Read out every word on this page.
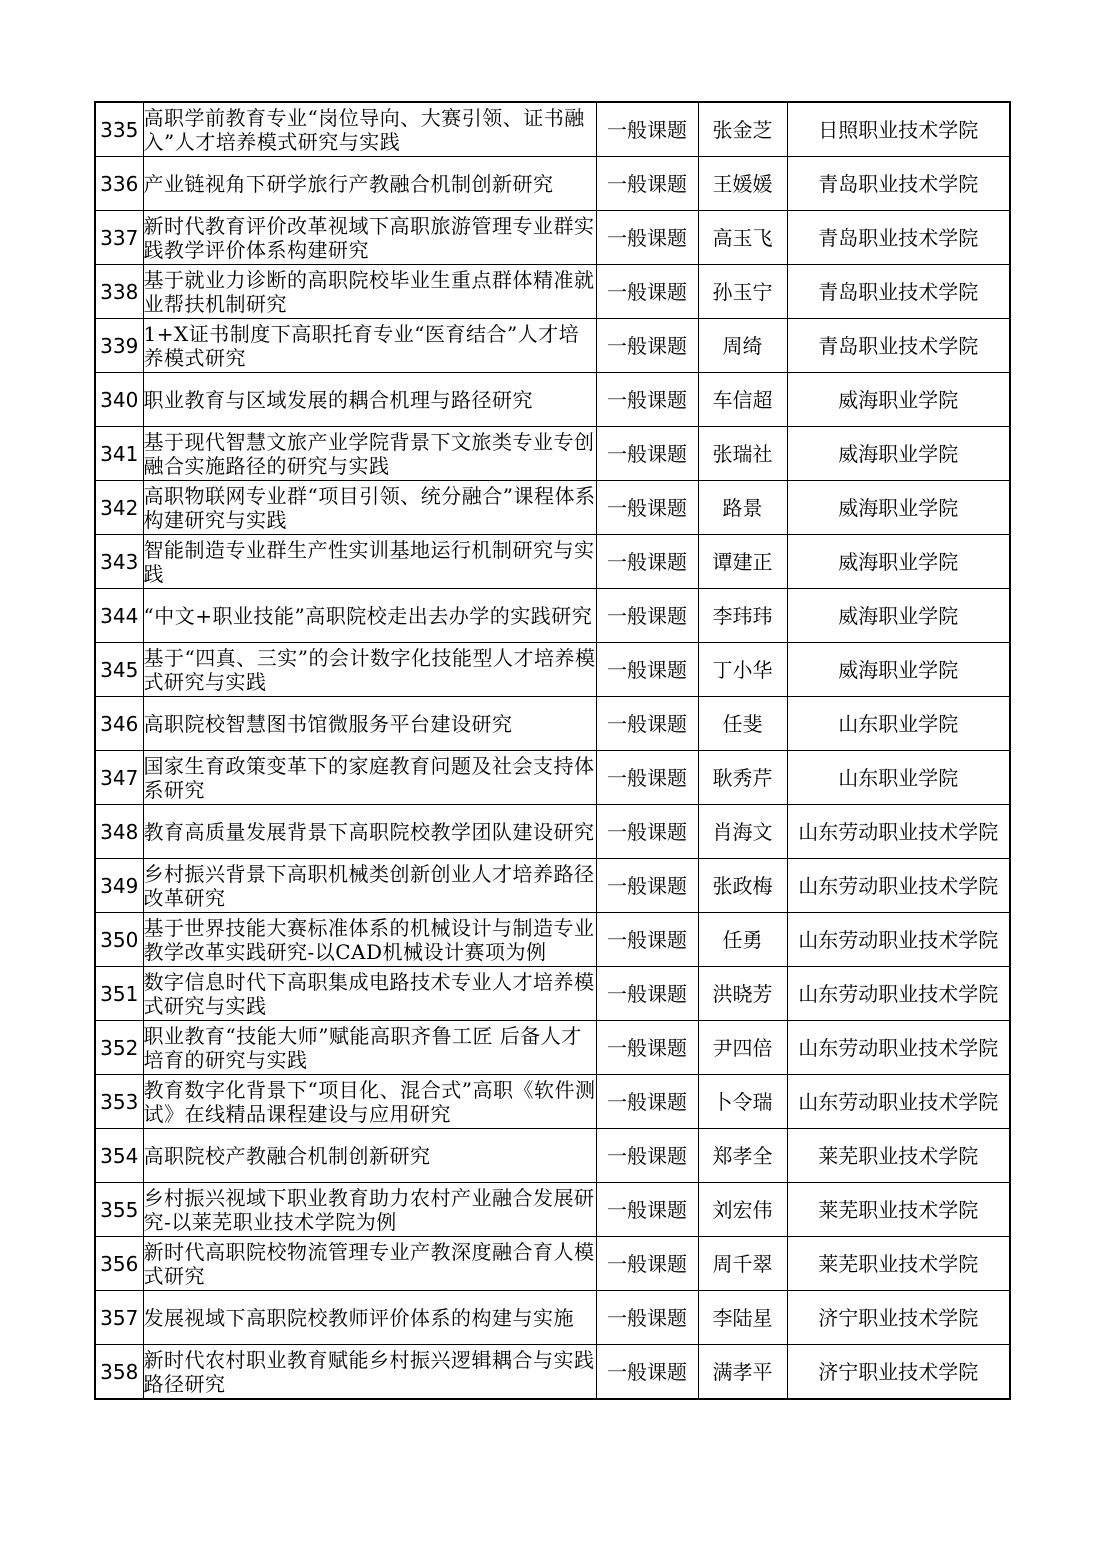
335	高职学前教育专业“岗位导向、大赛引领、证书融入”人才培养模式研究与实践	一般课题	张金芝	日照职业技术学院
336	产业链视角下研学旅行产教融合机制创新研究	一般课题	王媛媛	青岛职业技术学院
337	新时代教育评价改革视域下高职旅游管理专业群实践教学评价体系构建研究	一般课题	高玉飞	青岛职业技术学院
338	基于就业力诊断的高职院校毕业生重点群体精准就业帮扶机制研究	一般课题	孙玉宁	青岛职业技术学院
339	1+X证书制度下高职托育专业“医育结合”人才培养模式研究	一般课题	周绮	青岛职业技术学院
340	职业教育与区域发展的耦合机理与路径研究	一般课题	车信超	威海职业学院
341	基于现代智慧文旅产业学院背景下文旅类专业专创融合实施路径的研究与实践	一般课题	张瑞社	威海职业学院
342	高职物联网专业群“项目引领、统分融合”课程体系构建研究与实践	一般课题	路景	威海职业学院
343	智能制造专业群生产性实训基地运行机制研究与实践	一般课题	谭建正	威海职业学院
344	“中文+职业技能”高职院校走出去办学的实践研究	一般课题	李玮玮	威海职业学院
345	基于“四真、三实”的会计数字化技能型人才培养模式研究与实践	一般课题	丁小华	威海职业学院
346	高职院校智慧图书馆微服务平台建设研究	一般课题	任斐	山东职业学院
347	国家生育政策变革下的家庭教育问题及社会支持体系研究	一般课题	耿秀芹	山东职业学院
348	教育高质量发展背景下高职院校教学团队建设研究	一般课题	肖海文	山东劳动职业技术学院
349	乡村振兴背景下高职机械类创新创业人才培养路径改革研究	一般课题	张政梅	山东劳动职业技术学院
350	基于世界技能大赛标准体系的机械设计与制造专业教学改革实践研究-以CAD机械设计赛项为例	一般课题	任勇	山东劳动职业技术学院
351	数字信息时代下高职集成电路技术专业人才培养模式研究与实践	一般课题	洪晓芳	山东劳动职业技术学院
352	职业教育“技能大师”赋能高职齐鲁工匠 后备人才培育的研究与实践	一般课题	尹四倍	山东劳动职业技术学院
353	教育数字化背景下“项目化、混合式”高职《软件测试》在线精品课程建设与应用研究	一般课题	卜令瑞	山东劳动职业技术学院
354	高职院校产教融合机制创新研究	一般课题	郑孝全	莱芜职业技术学院
355	乡村振兴视域下职业教育助力农村产业融合发展研究-以莱芜职业技术学院为例	一般课题	刘宏伟	莱芜职业技术学院
356	新时代高职院校物流管理专业产教深度融合育人模式研究	一般课题	周千翠	莱芜职业技术学院
357	发展视域下高职院校教师评价体系的构建与实施	一般课题	李陆星	济宁职业技术学院
358	新时代农村职业教育赋能乡村振兴逻辑耦合与实践路径研究	一般课题	满孝平	济宁职业技术学院
